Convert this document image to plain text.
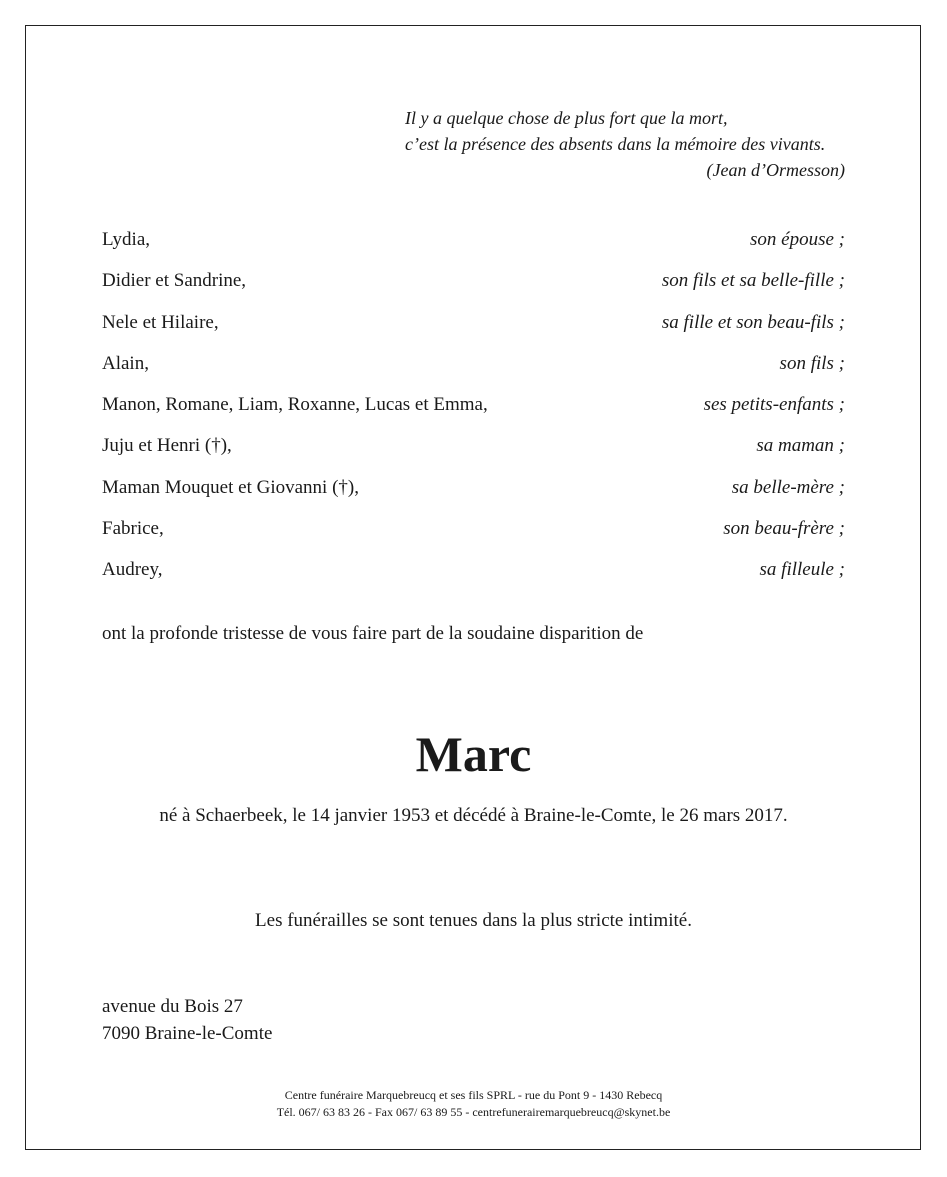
Il y a quelque chose de plus fort que la mort,
c’est la présence des absents dans la mémoire des vivants.
(Jean d’Ormesson)
Lydia,	son épouse ;
Didier et Sandrine,	son fils et sa belle-fille ;
Nele et Hilaire,	sa fille et son beau-fils ;
Alain,	son fils ;
Manon, Romane, Liam, Roxanne, Lucas et Emma,	ses petits-enfants ;
Juju et Henri (†),	sa maman ;
Maman Mouquet et Giovanni (†),	sa belle-mère ;
Fabrice,	son beau-frère ;
Audrey,	sa filleule ;
ont la profonde tristesse de vous faire part de la soudaine disparition de
Marc
né à Schaerbeek, le 14 janvier 1953 et décédé à Braine-le-Comte, le 26 mars 2017.
Les funérailles se sont tenues dans la plus stricte intimité.
avenue du Bois 27
7090 Braine-le-Comte
Centre funéraire Marquebreucq et ses fils SPRL - rue du Pont 9 - 1430 Rebecq
Tél. 067/ 63 83 26 - Fax 067/ 63 89 55 - centrefunerairemarquebreucq@skynet.be
